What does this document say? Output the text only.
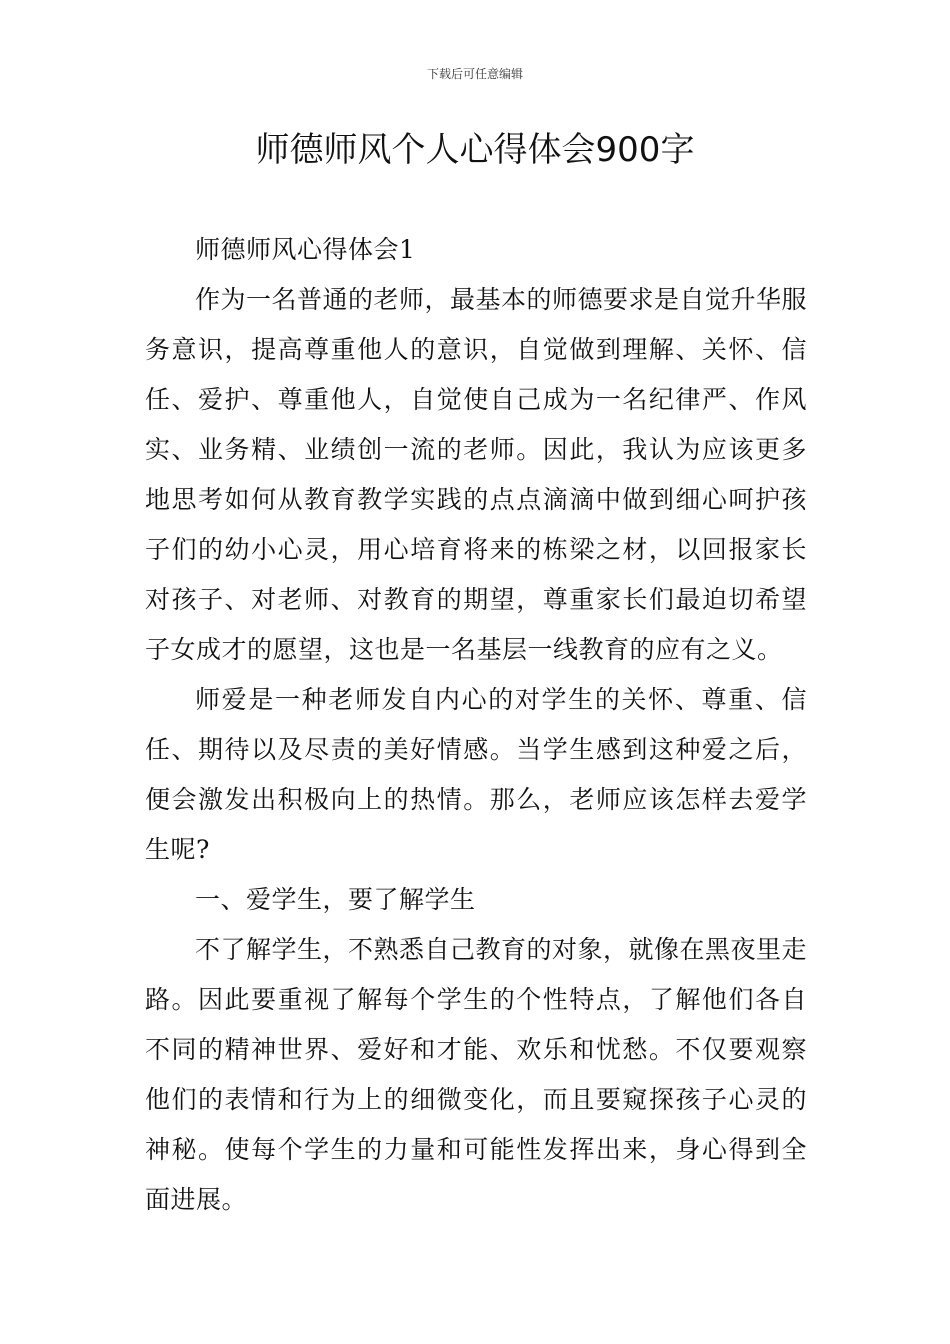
下载后可任意编辑
师德师风个人心得体会900字

师德师风心得体会1

作为一名普通的老师，最基本的师德要求是自觉升华服务意识，提高尊重他人的意识，自觉做到理解、关怀、信任、爱护、尊重他人，自觉使自己成为一名纪律严、作风实、业务精、业绩创一流的老师。因此，我认为应该更多地思考如何从教育教学实践的点点滴滴中做到细心呵护孩子们的幼小心灵，用心培育将来的栋梁之材，以回报家长对孩子、对老师、对教育的期望，尊重家长们最迫切希望子女成才的愿望，这也是一名基层一线教育的应有之义。

师爱是一种老师发自内心的对学生的关怀、尊重、信任、期待以及尽责的美好情感。当学生感到这种爱之后，便会激发出积极向上的热情。那么，老师应该怎样去爱学生呢?

一、爱学生，要了解学生

不了解学生，不熟悉自己教育的对象，就像在黑夜里走路。因此要重视了解每个学生的个性特点，了解他们各自不同的精神世界、爱好和才能、欢乐和忧愁。不仅要观察他们的表情和行为上的细微变化，而且要窥探孩子心灵的神秘。使每个学生的力量和可能性发挥出来，身心得到全面进展。
